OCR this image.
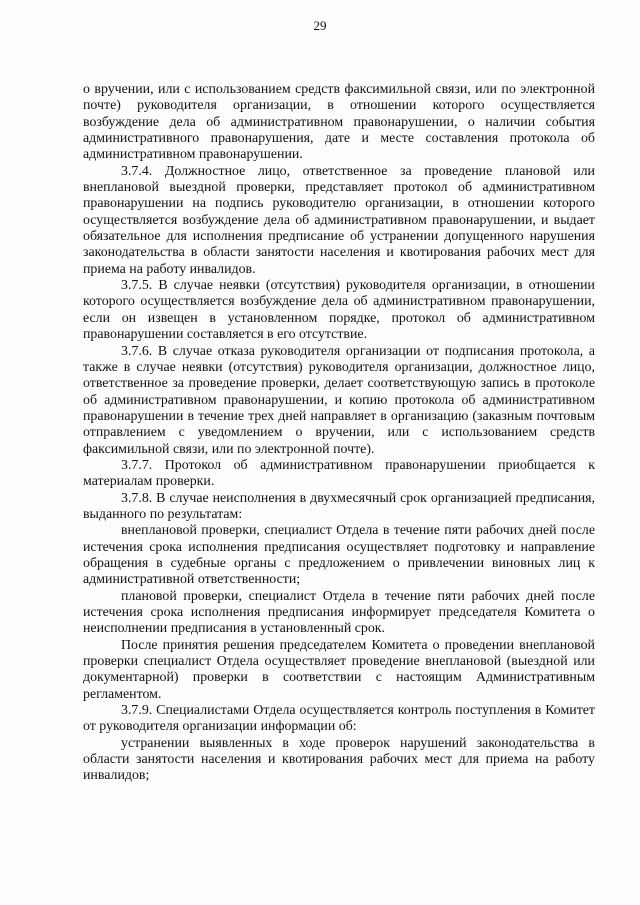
29

о вручении, или с использованием средств факсимильной связи, или по электронной почте) руководителя организации, в отношении которого осуществляется возбуждение дела об административном правонарушении, о наличии события административного правонарушения, дате и месте составления протокола об административном правонарушении.

3.7.4. Должностное лицо, ответственное за проведение плановой или внеплановой выездной проверки, представляет протокол об административном правонарушении на подпись руководителю организации, в отношении которого осуществляется возбуждение дела об административном правонарушении, и выдает обязательное для исполнения предписание об устранении допущенного нарушения законодательства в области занятости населения и квотирования рабочих мест для приема на работу инвалидов.

3.7.5. В случае неявки (отсутствия) руководителя организации, в отношении которого осуществляется возбуждение дела об административном правонарушении, если он извещен в установленном порядке, протокол об административном правонарушении составляется в его отсутствие.

3.7.6. В случае отказа руководителя организации от подписания протокола, а также в случае неявки (отсутствия) руководителя организации, должностное лицо, ответственное за проведение проверки, делает соответствующую запись в протоколе об административном правонарушении, и копию протокола об административном правонарушении в течение трех дней направляет в организацию (заказным почтовым отправлением с уведомлением о вручении, или с использованием средств факсимильной связи, или по электронной почте).

3.7.7. Протокол об административном правонарушении приобщается к материалам проверки.

3.7.8. В случае неисполнения в двухмесячный срок организацией предписания, выданного по результатам:

внеплановой проверки, специалист Отдела в течение пяти рабочих дней после истечения срока исполнения предписания осуществляет подготовку и направление обращения в судебные органы с предложением о привлечении виновных лиц к административной ответственности;

плановой проверки, специалист Отдела в течение пяти рабочих дней после истечения срока исполнения предписания информирует председателя Комитета о неисполнении предписания в установленный срок.

После принятия решения председателем Комитета о проведении внеплановой проверки специалист Отдела осуществляет проведение внеплановой (выездной или документарной) проверки в соответствии с настоящим Административным регламентом.

3.7.9. Специалистами Отдела осуществляется контроль поступления в Комитет от руководителя организации информации об:

устранении выявленных в ходе проверок нарушений законодательства в области занятости населения и квотирования рабочих мест для приема на работу инвалидов;
